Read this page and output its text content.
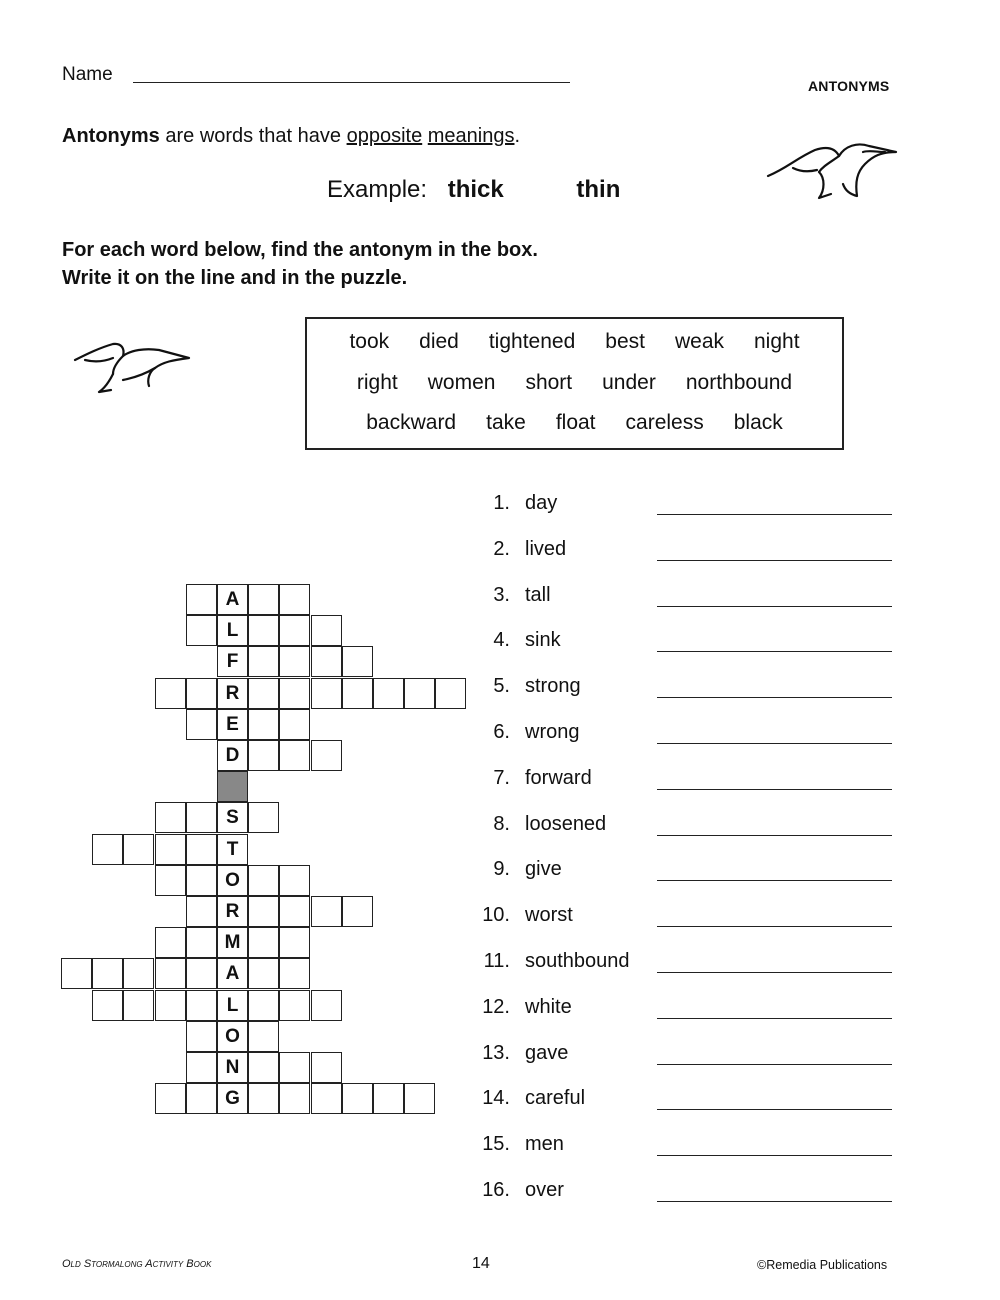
Name
ANTONYMS
Antonyms are words that have opposite meanings.
Example: thick	thin
For each word below, find the antonym in the box.
Write it on the line and in the puzzle.
took died tightened best weak night
right women short under northbound
backward take float careless black
A
L
F
R
E
D
S
T
O
R
M
A
L
O
N
G
1. day
2. lived
3. tall
4. sink
5. strong
6. wrong
7. forward
8. loosened
9. give
10. worst
11. southbound
12. white
13. gave
14. careful
15. men
16. over
Old Stormalong Activity Book	14	©Remedia Publications
